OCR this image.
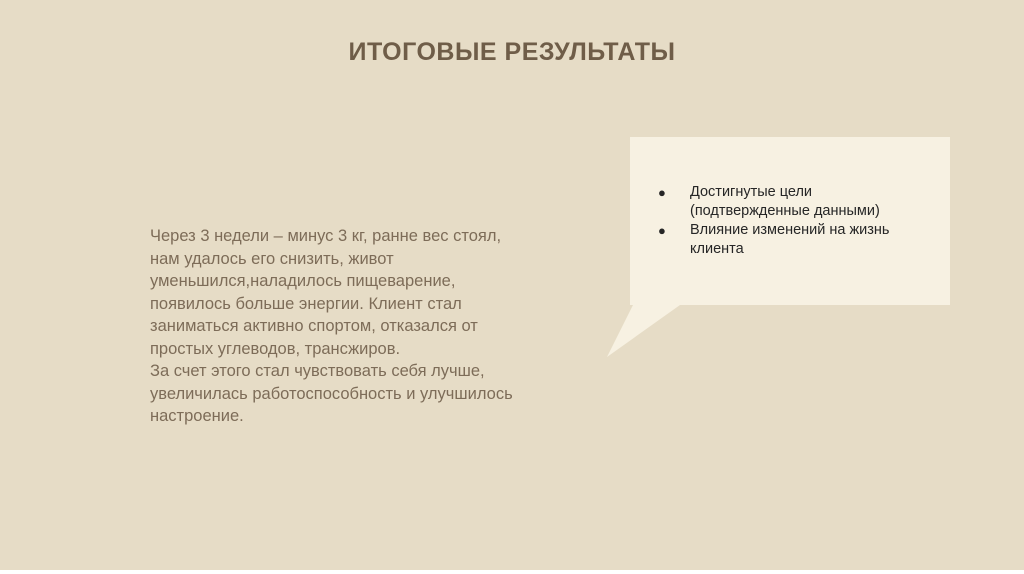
ИТОГОВЫЕ РЕЗУЛЬТАТЫ

Через 3 недели – минус 3 кг, ранне вес стоял,

нам удалось его снизить, живот

уменьшился,наладилось пищеварение,

появилось больше энергии. Клиент стал

заниматься активно спортом, отказался от

простых углеводов, трансжиров.

За счет этого стал чувствовать себя лучше,

увеличилась работоспособность и улучшилось

настроение.

● Достигнутые цели
(подтвержденные данными)
● Влияние изменений на жизнь
клиента
